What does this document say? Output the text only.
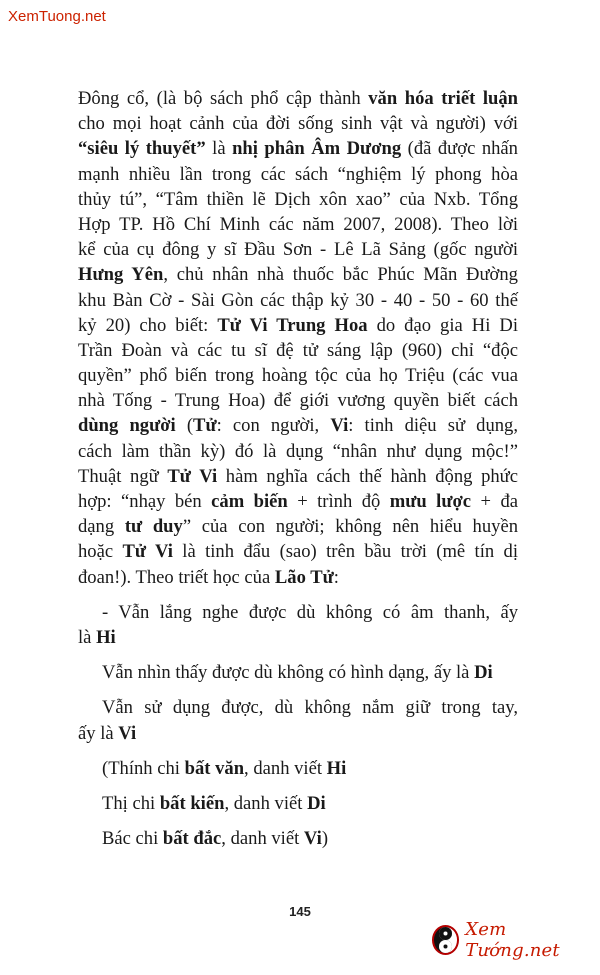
XemTuong.net
Đông cổ, (là bộ sách phổ cập thành văn hóa triết luận
cho mọi hoạt cảnh của đời sống sinh vật và người) với
“siêu lý thuyết” là nhị phân Âm Dương (đã được nhấn
mạnh nhiều lần trong các sách “nghiệm lý phong hòa
thủy tú”, “Tâm thiền lẽ Dịch xôn xao” của Nxb. Tổng
Hợp TP. Hồ Chí Minh các năm 2007, 2008). Theo lời
kể của cụ đông y sĩ Đầu Sơn - Lê Lã Sảng (gốc người
Hưng Yên, chủ nhân nhà thuốc bắc Phúc Mãn Đường
khu Bàn Cờ - Sài Gòn các thập kỷ 30 - 40 - 50 - 60 thế
kỷ 20) cho biết: Tử Vi Trung Hoa do đạo gia Hi Di
Trần Đoàn và các tu sĩ đệ tử sáng lập (960) chỉ “độc
quyền” phổ biến trong hoàng tộc của họ Triệu (các vua
nhà Tống - Trung Hoa) để giới vương quyền biết cách
dùng người (Tử: con người, Vi: tinh diệu sử dụng,
cách làm thần kỳ) đó là dụng “nhân như dụng mộc!”
Thuật ngữ Tử Vi hàm nghĩa cách thế hành động phức
hợp: “nhạy bén cảm biến + trình độ mưu lược + đa
dạng tư duy” của con người; không nên hiểu huyền
hoặc Tử Vi là tinh đẩu (sao) trên bầu trời (mê tín dị
đoan!). Theo triết học của Lão Tử:
- Vẫn lắng nghe được dù không có âm thanh, ấy
là Hi
Vẫn nhìn thấy được dù không có hình dạng, ấy là Di
Vẫn sử dụng được, dù không nắm giữ trong tay,
ấy là Vi
(Thính chi bất văn, danh viết Hi
Thị chi bất kiến, danh viết Di
Bác chi bất đắc, danh viết Vi)
145
Xem Tướng.net
